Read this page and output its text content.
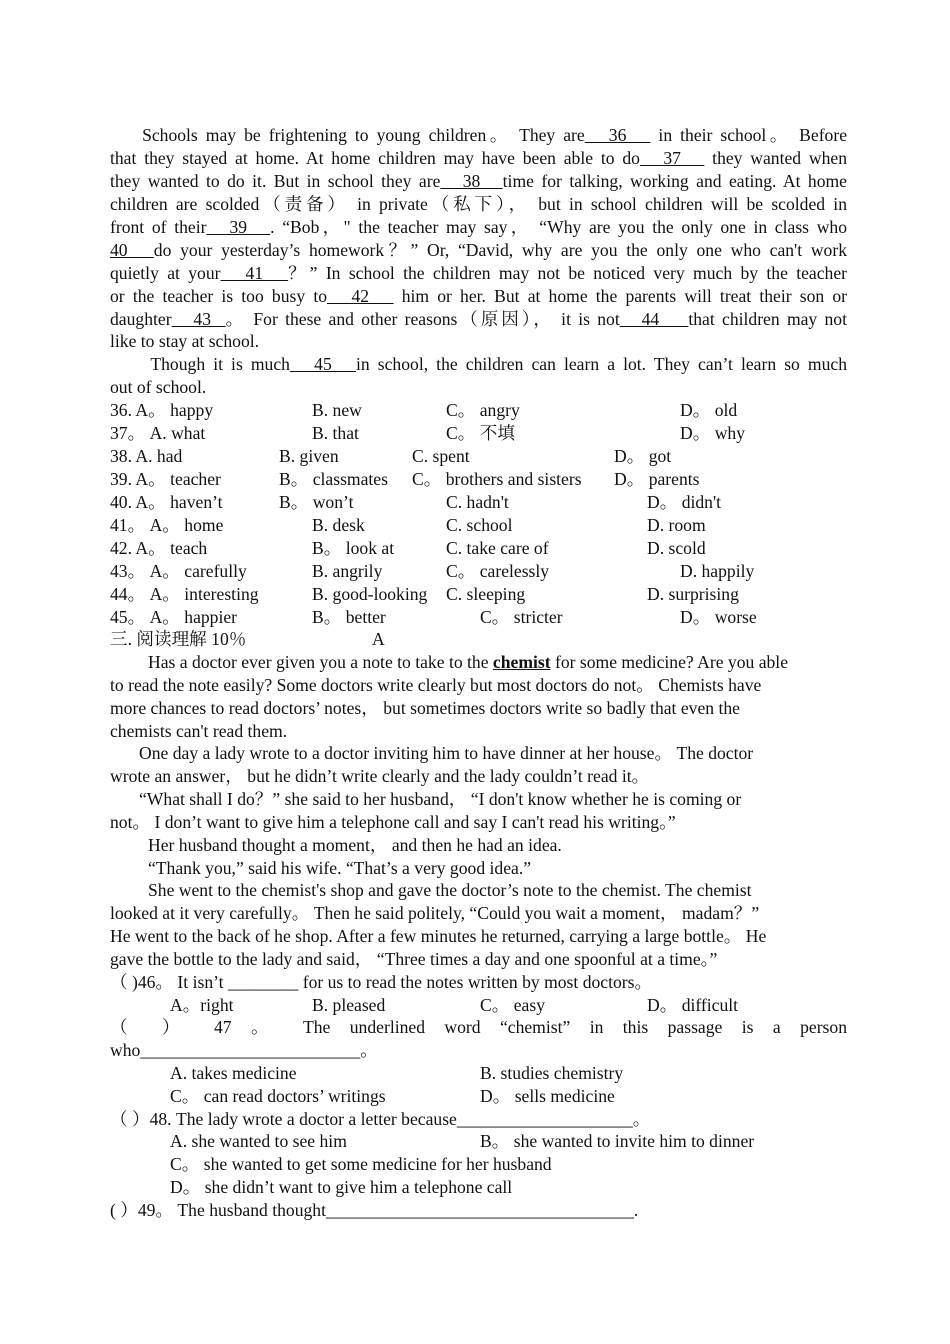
Schools may be frightening to young children。 They are   36    in their school。 Before
that they stayed at home. At home children may have been able to do   37    they wanted when
they wanted to do it. But in school they are   38   time for talking, working and eating. At home
children are scolded（责备） in private（私下）， but in school children will be scolded in
front of their   39   . “Bob，" the teacher may say， “Why are you the only one in class who
40   do your yesterday’s homework？” Or, “David, why are you the only one who can't work
quietly at your   41   ？” In school the children may not be noticed very much by the teacher
or the teacher is too busy to   42    him or her. But at home the parents will treat their son or
daughter   43  。 For these and other reasons（原因）， it is not   44    that children may not
like to stay at school.
Though it is much   45   in school, the children can learn a lot. They can’t learn so much
out of school.
36. A。 happy	B. new	C。 angry	D。 old
37。 A. what	B. that	C。 不填	D。 why
38. A. had	B. given	C. spent	D。 got
39. A。 teacher	B。 classmates C。 brothers and sisters D。 parents
40. A。 haven’t	B。 won’t	C. hadn't	D。 didn't
41。 A。 home	B. desk	C. school	D. room
42. A。 teach	B。 look at	C. take care of	D. scold
43。 A。 carefully	B. angrily	C。 carelessly	D. happily
44。 A。 interesting	B. good-looking C. sleeping	D. surprising
45。 A。 happier	B。 better	C。 stricter	D。 worse
三. 阅读理解 10％	A
Has a doctor ever given you a note to take to the chemist for some medicine? Are you able
to read the note easily? Some doctors write clearly but most doctors do not。 Chemists have
more chances to read doctors’ notes， but sometimes doctors write so badly that even the
chemists can't read them.
One day a lady wrote to a doctor inviting him to have dinner at her house。 The doctor
wrote an answer， but he didn’t write clearly and the lady couldn’t read it。
“What shall I do？” she said to her husband， “I don't know whether he is coming or
not。 I don’t want to give him a telephone call and say I can't read his writing。”
Her husband thought a moment， and then he had an idea.
“Thank you,” said his wife. “That’s a very good idea.”
She went to the chemist's shop and gave the doctor’s note to the chemist. The chemist
looked at it very carefully。 Then he said politely, “Could you wait a moment， madam？”
He went to the back of he shop. After a few minutes he returned, carrying a large bottle。 He
gave the bottle to the lady and said， “Three times a day and one spoonful at a time。”
（ )46。 It isn’t ________ for us to read the notes written by most doctors。
A。right	B. pleased	C。 easy	D。 difficult
（ ） 47 。 The underlined word “chemist” in this passage is a person
who_________________________。
A. takes medicine	B. studies chemistry
C。 can read doctors’ writings	D。 sells medicine
（ ）48. The lady wrote a doctor a letter because____________________。
A. she wanted to see him	B。 she wanted to invite him to dinner
C。 she wanted to get some medicine for her husband
D。 she didn’t want to give him a telephone call
( ）49。 The husband thought___________________________________.
